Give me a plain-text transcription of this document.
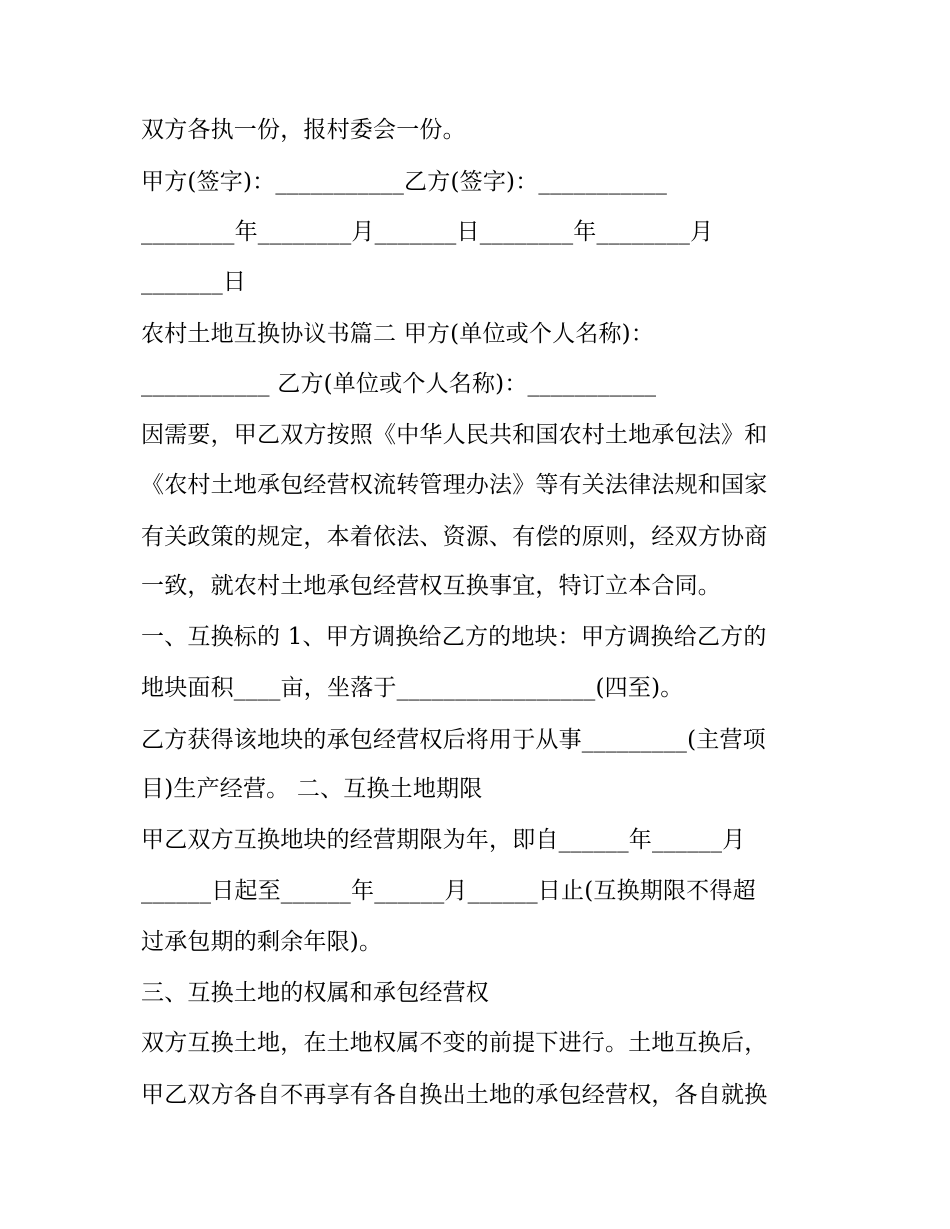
双方各执一份，报村委会一份。
甲方(签字)：___________乙方(签字)：___________
________年________月_______日________年________月
_______日
农村土地互换协议书篇二 甲方(单位或个人名称)：
___________ 乙方(单位或个人名称)：___________
因需要，甲乙双方按照《中华人民共和国农村土地承包法》和
《农村土地承包经营权流转管理办法》等有关法律法规和国家
有关政策的规定，本着依法、资源、有偿的原则，经双方协商
一致，就农村土地承包经营权互换事宜，特订立本合同。
一、互换标的 1、甲方调换给乙方的地块：甲方调换给乙方的
地块面积____亩，坐落于_________________(四至)。
乙方获得该地块的承包经营权后将用于从事_________(主营项
目)生产经营。 二、互换土地期限
甲乙双方互换地块的经营期限为年，即自______年______月
______日起至______年______月______日止(互换期限不得超
过承包期的剩余年限)。
三、互换土地的权属和承包经营权
双方互换土地，在土地权属不变的前提下进行。土地互换后，
甲乙双方各自不再享有各自换出土地的承包经营权，各自就换
